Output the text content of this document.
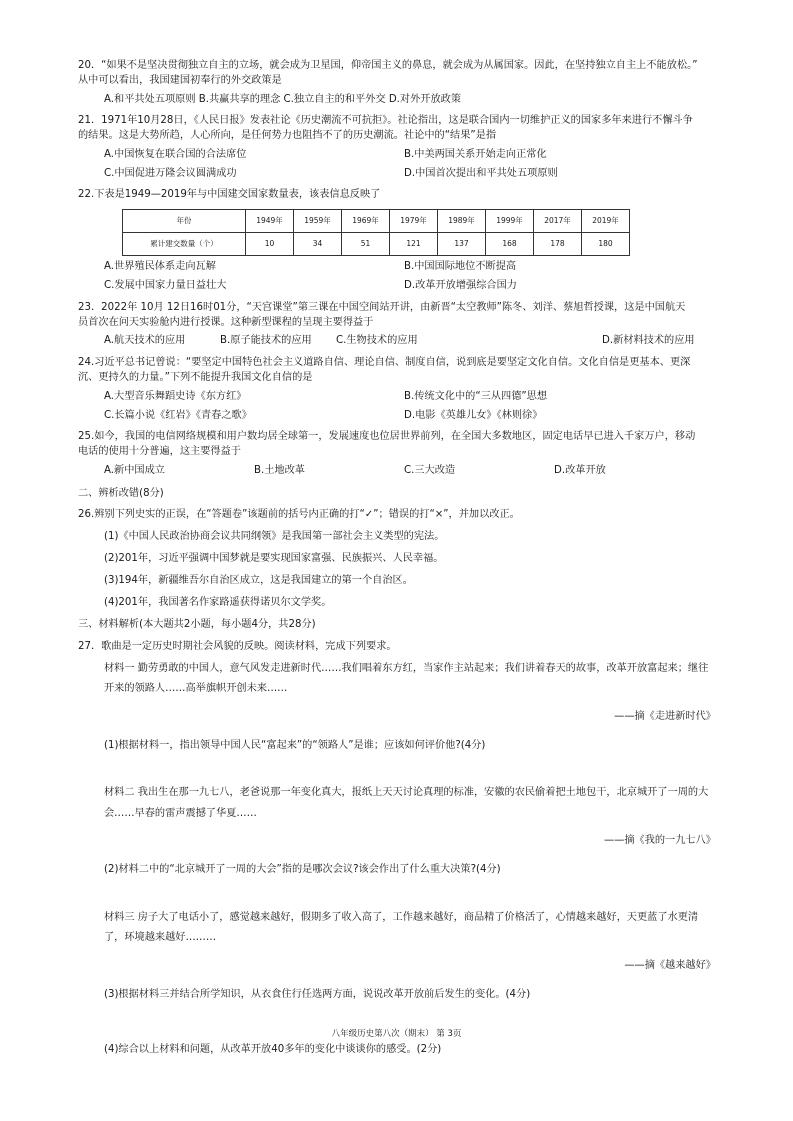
20．“如果不是坚决贯彻独立自主的立场，就会成为卫星国，仰帝国主义的鼻息，就会成为从属国家。因此，在坚持独立自主上不能放松。”

从中可以看出，我国建国初奉行的外交政策是

A.和平共处五项原则 B.共赢共享的理念 C.独立自主的和平外交 D.对外开放政策

21．1971年10月28日，《人民日报》发表社论《历史潮流不可抗拒》。社论指出，这是联合国内一切维护正义的国家多年来进行不懈斗争

的结果。这是大势所趋，人心所向，是任何势力也阻挡不了的历史潮流。社论中的“结果”是指

A.中国恢复在联合国的合法席位	B.中美两国关系开始走向正常化
C.中国促进万隆会议圆满成功	D.中国首次提出和平共处五项原则

22.下表是1949—2019年与中国建交国家数量表，该表信息反映了

年份	1949年	1959年	1969年	1979年	1989年	1999年	2017年	2019年
累计建交数量（个）	10	34	51	121	137	168	178	180
A.世界殖民体系走向瓦解	B.中国国际地位不断提高
C.发展中国家力量日益壮大	D.改革开放增强综合国力

23．2022年 10月 12日16时01分，“天宫课堂”第三课在中国空间站开讲，由新晋“太空教师”陈冬、刘洋、蔡旭哲授课，这是中国航天

员首次在问天实验舱内进行授课。这种新型课程的呈现主要得益于

A.航天技术的应用	B.原子能技术的应用	C.生物技术的应用	D.新材料技术的应用

24.习近平总书记曾说：“要坚定中国特色社会主义道路自信、理论自信、制度自信，说到底是要坚定文化自信。文化自信是更基本、更深

沉、更持久的力量。”下列不能提升我国文化自信的是

A.大型音乐舞蹈史诗《东方红》	B.传统文化中的“三从四德”思想
C.长篇小说《红岩》《青春之歌》	D.电影《英雄儿女》《林则徐》

25.如今，我国的电信网络规模和用户数均居全球第一，发展速度也位居世界前列，在全国大多数地区，固定电话早已进入千家万户，移动

电话的使用十分普遍，这主要得益于

A.新中国成立	B.土地改革	C.三大改造	D.改革开放

二、辨析改错(8分)

26.辨别下列史实的正误，在“答题卷”该题前的括号内正确的打“✓”；错误的打“×”，并加以改正。

(1)《中国人民政治协商会议共同纲领》是我国第一部社会主义类型的宪法。

(2)201年，习近平强调中国梦就是要实现国家富强、民族振兴、人民幸福。

(3)194年，新疆维吾尔自治区成立，这是我国建立的第一个自治区。

(4)201年，我国著名作家路遥获得诺贝尔文学奖。

三、材料解析(本大题共2小题，每小题4分，共28分)

27．歌曲是一定历史时期社会风貌的反映。阅读材料，完成下列要求。

材料一 勤劳勇敢的中国人，意气风发走进新时代……我们唱着东方红，当家作主站起来；我们讲着春天的故事，改革开放富起来；继往开来的领路人……高举旗帜开创未来……

——摘《走进新时代》

(1)根据材料一，指出领导中国人民“富起来”的“领路人”是谁；应该如何评价他?(4分)

材料二 我出生在那一九七八，老爸说那一年变化真大，报纸上天天讨论真理的标准，安徽的农民偷着把土地包干，北京城开了一周的大会……早春的雷声震撼了华夏……

——摘《我的一九七八》

(2)材料二中的“北京城开了一周的大会”指的是哪次会议?该会作出了什么重大决策?(4分)

材料三 房子大了电话小了，感觉越来越好，假期多了收入高了，工作越来越好，商品精了价格活了，心情越来越好，天更蓝了水更清了，环境越来越好………

——摘《越来越好》

(3)根据材料三并结合所学知识，从衣食住行任选两方面，说说改革开放前后发生的变化。(4分)

(4)综合以上材料和问题，从改革开放40多年的变化中谈谈你的感受。(2分)

八年级历史第八次（期末） 第 3页
